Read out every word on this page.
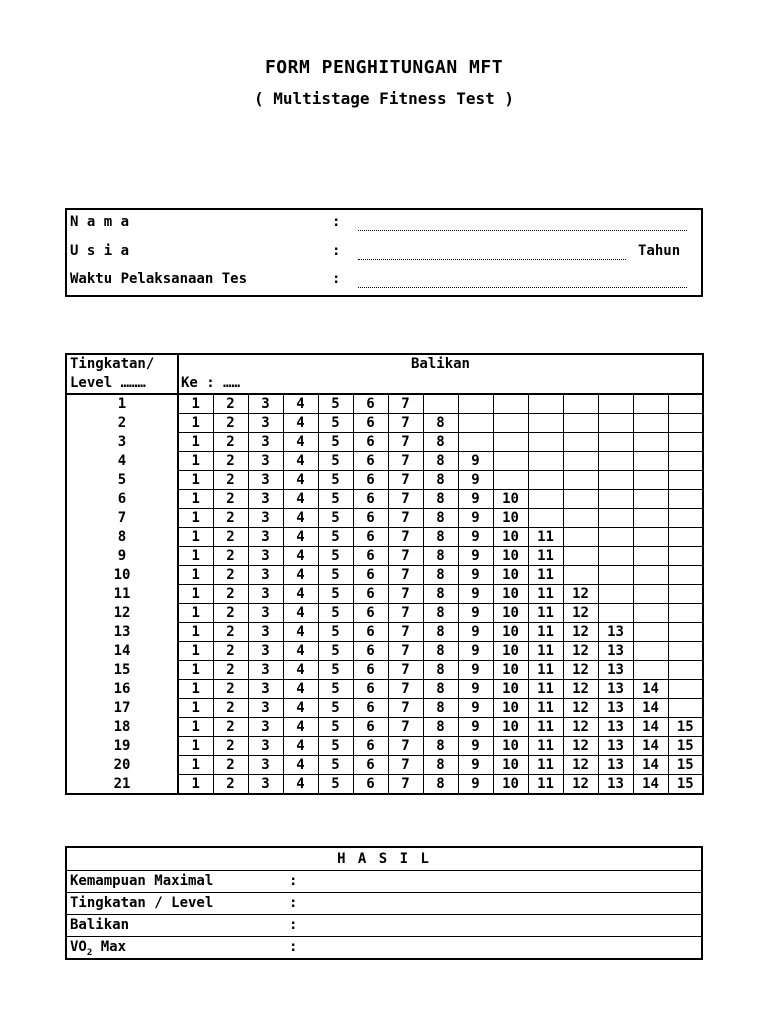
FORM PENGHITUNGAN MFT
( Multistage Fitness Test )
N a m a	:
U s i a	:	Tahun
Waktu Pelaksanaan Tes	:
Tingkatan/	Balikan														
Level ………	Ke : ……														
1	1	2	3	4	5	6	7								
2	1	2	3	4	5	6	7	8							
3	1	2	3	4	5	6	7	8							
4	1	2	3	4	5	6	7	8	9						
5	1	2	3	4	5	6	7	8	9						
6	1	2	3	4	5	6	7	8	9	10					
7	1	2	3	4	5	6	7	8	9	10					
8	1	2	3	4	5	6	7	8	9	10	11				
9	1	2	3	4	5	6	7	8	9	10	11				
10	1	2	3	4	5	6	7	8	9	10	11				
11	1	2	3	4	5	6	7	8	9	10	11	12			
12	1	2	3	4	5	6	7	8	9	10	11	12			
13	1	2	3	4	5	6	7	8	9	10	11	12	13		
14	1	2	3	4	5	6	7	8	9	10	11	12	13		
15	1	2	3	4	5	6	7	8	9	10	11	12	13		
16	1	2	3	4	5	6	7	8	9	10	11	12	13	14	
17	1	2	3	4	5	6	7	8	9	10	11	12	13	14	
18	1	2	3	4	5	6	7	8	9	10	11	12	13	14	15
19	1	2	3	4	5	6	7	8	9	10	11	12	13	14	15
20	1	2	3	4	5	6	7	8	9	10	11	12	13	14	15
21	1	2	3	4	5	6	7	8	9	10	11	12	13	14	15
H A S I L
Kemampuan Maximal	:
Tingkatan / Level	:
Balikan	:
$VO_2$ Max	:
